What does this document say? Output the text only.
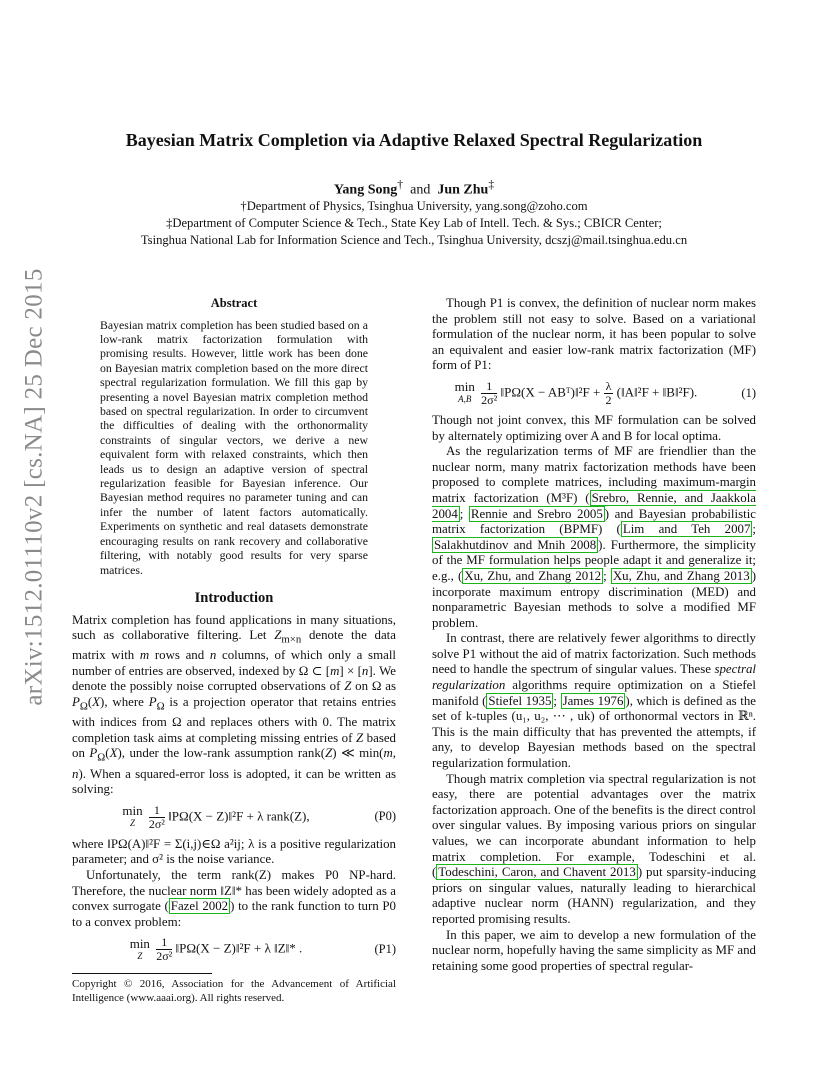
arXiv:1512.01110v2 [cs.NA] 25 Dec 2015
Bayesian Matrix Completion via Adaptive Relaxed Spectral Regularization
Yang Song† and Jun Zhu‡
†Department of Physics, Tsinghua University, yang.song@zoho.com
‡Department of Computer Science & Tech., State Key Lab of Intell. Tech. & Sys.; CBICR Center;
Tsinghua National Lab for Information Science and Tech., Tsinghua University, dcszj@mail.tsinghua.edu.cn
Abstract

Bayesian matrix completion has been studied based on a low-rank matrix factorization formulation with promising results. However, little work has been done on Bayesian matrix completion based on the more direct spectral regularization formulation. We fill this gap by presenting a novel Bayesian matrix completion method based on spectral regularization. In order to circumvent the difficulties of dealing with the orthonormality constraints of singular vectors, we derive a new equivalent form with relaxed constraints, which then leads us to design an adaptive version of spectral regularization feasible for Bayesian inference. Our Bayesian method requires no parameter tuning and can infer the number of latent factors automatically. Experiments on synthetic and real datasets demonstrate encouraging results on rank recovery and collaborative filtering, with notably good results for very sparse matrices.

Introduction

Matrix completion has found applications in many situations, such as collaborative filtering. Let $Z_{m\times n}$ denote the data matrix with m rows and n columns, of which only a small number of entries are observed, indexed by Ω ⊂ [m] × [n]. We denote the possibly noise corrupted observations of Z on Ω as $P_\Omega(X)$, where $P_\Omega$ is a projection operator that retains entries with indices from Ω and replaces others with 0. The matrix completion task aims at completing missing entries of Z based on $P_\Omega(X)$, under the low-rank assumption rank(Z) ≪ min(m, n). When a squared-error loss is adopted, it can be written as solving:

min
Z
	$\frac{1}{\text{2σ²}}$ ‖PΩ(X − Z)‖²F + λ rank(Z),	(P0)

where ‖PΩ(A)‖²F = Σ(i,j)∈Ω a²ij; λ is a positive regularization parameter; and σ² is the noise variance.

Unfortunately, the term rank(Z) makes P0 NP-hard. Therefore, the nuclear norm ‖Z‖* has been widely adopted as a convex surrogate ( Fazel 2002 ) to the rank function to turn P0 to a convex problem:

min
Z
	$\frac{1}{\text{2σ²}}$ ‖PΩ(X − Z)‖²F + λ ‖Z‖* .	(P1)

Copyright © 2016, Association for the Advancement of Artificial Intelligence (www.aaai.org). All rights reserved.

Though P1 is convex, the definition of nuclear norm makes the problem still not easy to solve. Based on a variational formulation of the nuclear norm, it has been popular to solve an equivalent and easier low-rank matrix factorization (MF) form of P1:

min
A,B
$\frac{1}{\text{2σ²}}$ ‖PΩ(X − ABᵀ)‖²F + $\frac{\lambda}{2}$ (‖A‖²F + ‖B‖²F).	(1)

Though not joint convex, this MF formulation can be solved by alternately optimizing over A and B for local optima.

As the regularization terms of MF are friendlier than the nuclear norm, many matrix factorization methods have been proposed to complete matrices, including maximum-margin matrix factorization (M³F) ( Srebro, Rennie, and Jaakkola 2004 ; Rennie and Srebro 2005 ) and Bayesian probabilistic matrix factorization (BPMF) ( Lim and Teh 2007 ; Salakhutdinov and Mnih 2008 ). Furthermore, the simplicity of the MF formulation helps people adapt it and generalize it; e.g., ( Xu, Zhu, and Zhang 2012 ; Xu, Zhu, and Zhang 2013 ) incorporate maximum entropy discrimination (MED) and nonparametric Bayesian methods to solve a modified MF problem.

In contrast, there are relatively fewer algorithms to directly solve P1 without the aid of matrix factorization. Such methods need to handle the spectrum of singular values. These spectral regularization algorithms require optimization on a Stiefel manifold ( Stiefel 1935 ; James 1976 ), which is defined as the set of k-tuples (u₁, u₂, ⋯ , uk) of orthonormal vectors in ℝⁿ. This is the main difficulty that has prevented the attempts, if any, to develop Bayesian methods based on the spectral regularization formulation.

Though matrix completion via spectral regularization is not easy, there are potential advantages over the matrix factorization approach. One of the benefits is the direct control over singular values. By imposing various priors on singular values, we can incorporate abundant information to help matrix completion. For example, Todeschini et al. ( Todeschini, Caron, and Chavent 2013 ) put sparsity-inducing priors on singular values, naturally leading to hierarchical adaptive nuclear norm (HANN) regularization, and they reported promising results.

In this paper, we aim to develop a new formulation of the nuclear norm, hopefully having the same simplicity as MF and retaining some good properties of spectral regular-
